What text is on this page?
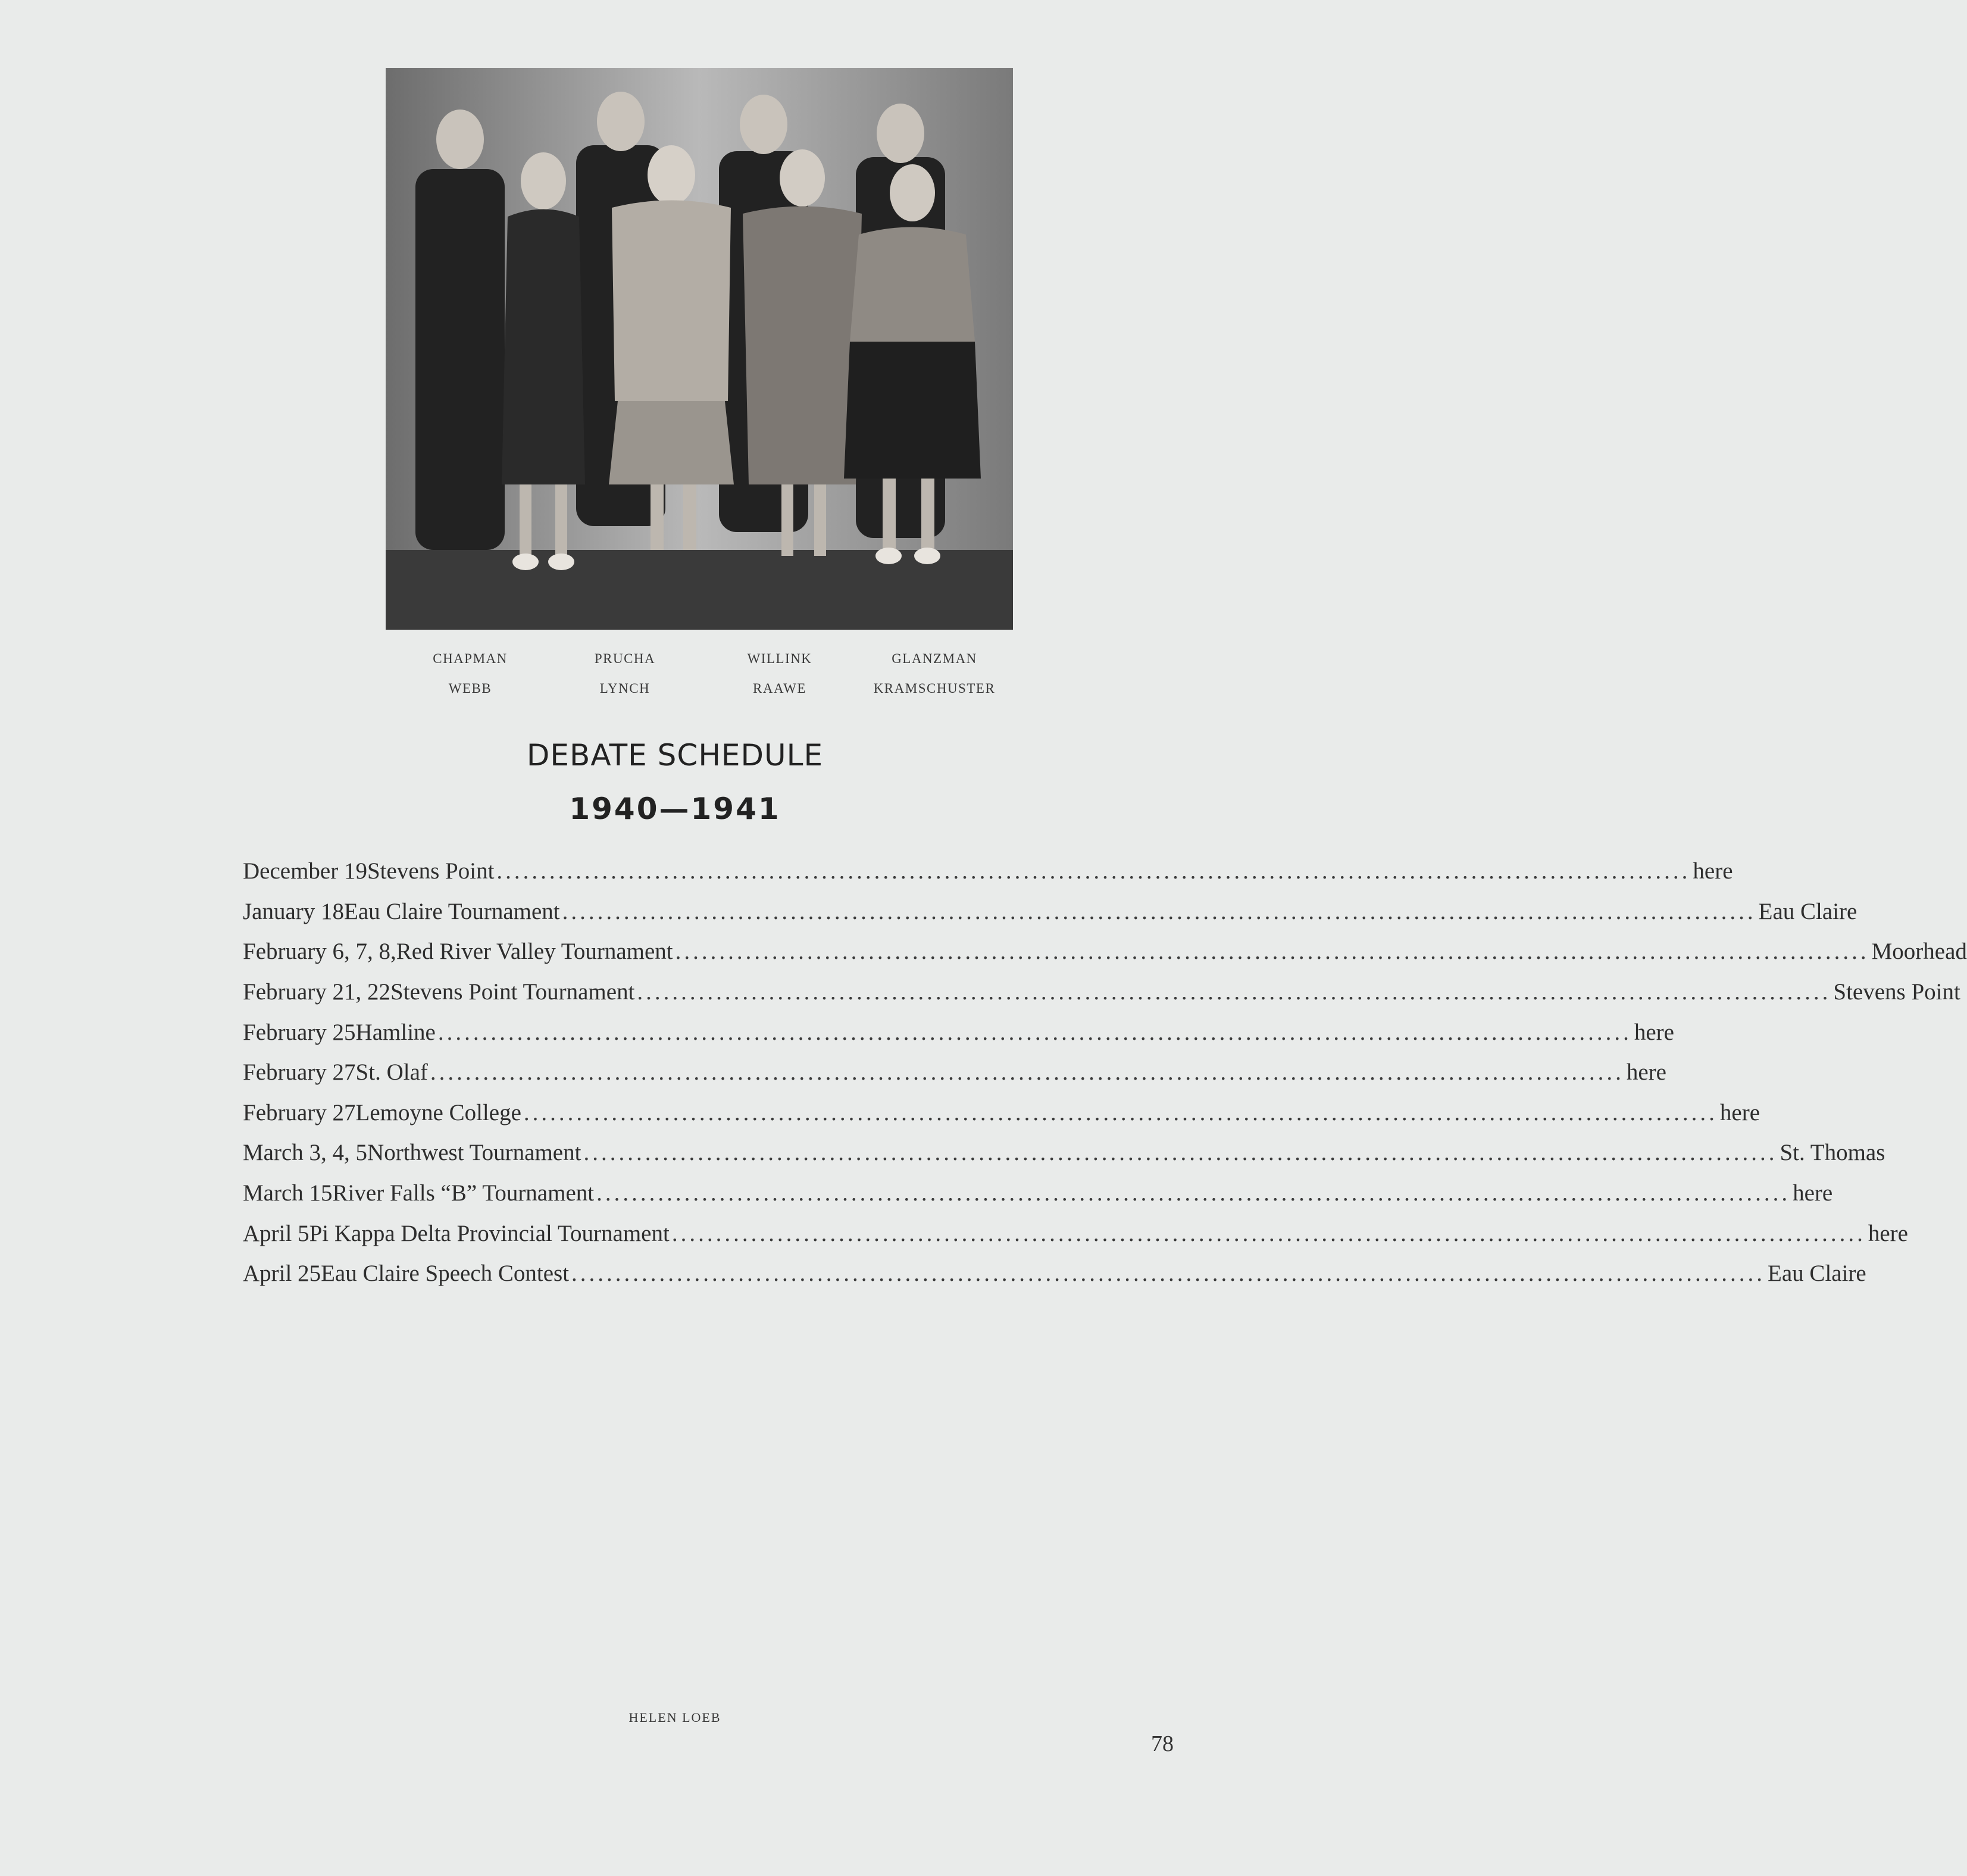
CHAPMAN	PRUCHA	WILLINK	GLANZMAN
WEBB	LYNCH	RAAWE	KRAMSCHUSTER
DEBATE SCHEDULE
1940—1941
December 19 Stevens Point .....	here
January 18 Eau Claire Tournament .....	Eau Claire
February 6, 7, 8, Red River Valley Tournament .....	Moorhead
February 21, 22 Stevens Point Tournament .....	Stevens Point
February 25 Hamline .....	here
February 27 St. Olaf .....	here
February 27 Lemoyne College .....	here
March 3, 4, 5 Northwest Tournament .....	St. Thomas
March 15 River Falls “B” Tournament .....	here
April 5 Pi Kappa Delta Provincial Tournament .....	here
April 25 Eau Claire Speech Contest .....	Eau Claire
HELEN LOEB
78
